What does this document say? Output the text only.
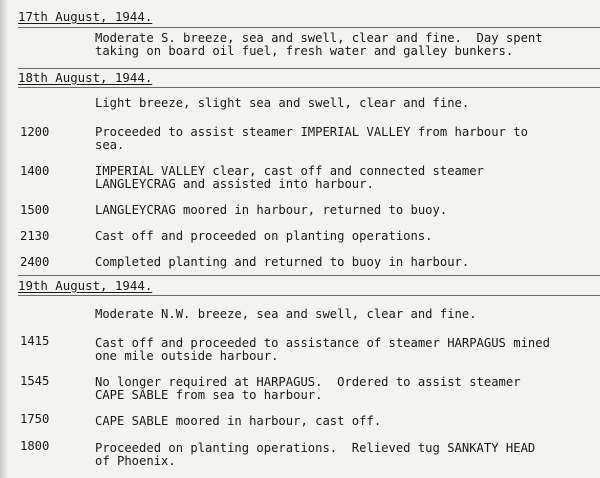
17th August, 1944.
Moderate S. breeze, sea and swell, clear and fine.  Day spent
taking on board oil fuel, fresh water and galley bunkers.
18th August, 1944.
Light breeze, slight sea and swell, clear and fine.
1200	Proceeded to assist steamer IMPERIAL VALLEY from harbour to
sea.
1400	IMPERIAL VALLEY clear, cast off and connected steamer
LANGLEYCRAG and assisted into harbour.
1500	LANGLEYCRAG moored in harbour, returned to buoy.
2130	Cast off and proceeded on planting operations.
2400	Completed planting and returned to buoy in harbour.
19th August, 1944.
Moderate N.W. breeze, sea and swell, clear and fine.
1415	Cast off and proceeded to assistance of steamer HARPAGUS mined
one mile outside harbour.
1545	No longer required at HARPAGUS.  Ordered to assist steamer
CAPE SABLE from sea to harbour.
1750	CAPE SABLE moored in harbour, cast off.
1800	Proceeded on planting operations.  Relieved tug SANKATY HEAD
of Phoenix.
